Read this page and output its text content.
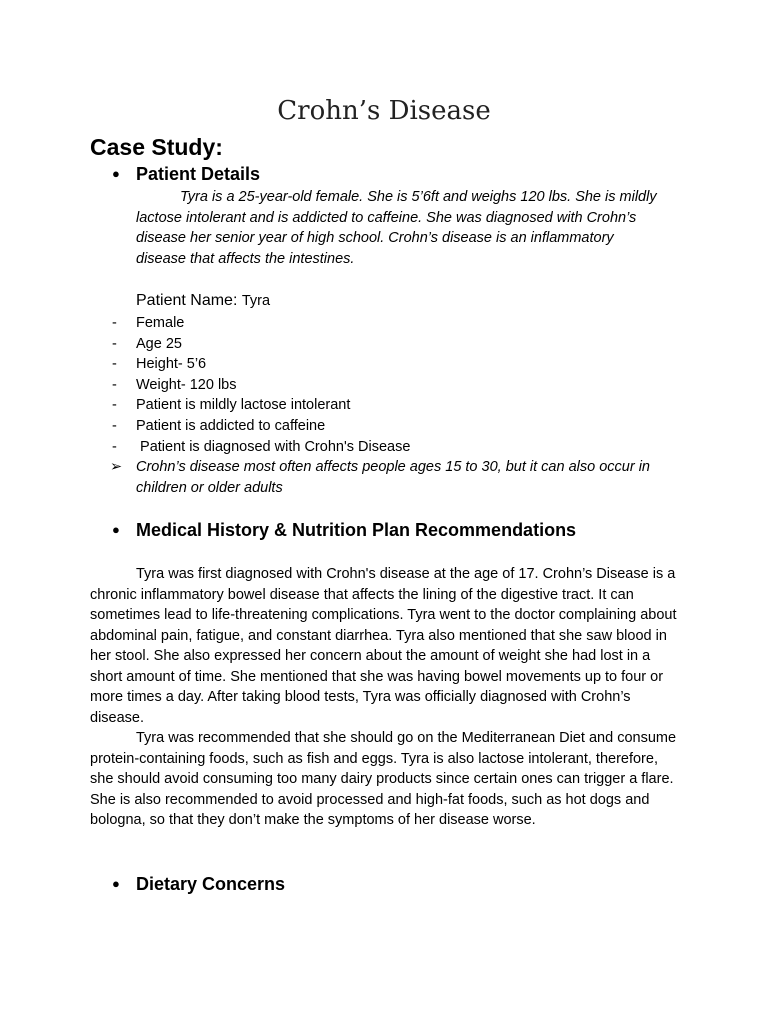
Crohn’s Disease
Case Study:
● Patient Details
Tyra is a 25-year-old female. She is 5’6ft and weighs 120 lbs. She is mildly lactose intolerant and is addicted to caffeine. She was diagnosed with Crohn’s disease her senior year of high school. Crohn’s disease is an inflammatory disease that affects the intestines.
Patient Name: Tyra
- Female
- Age 25
- Height- 5’6
- Weight- 120 lbs
- Patient is mildly lactose intolerant
- Patient is addicted to caffeine
- Patient is diagnosed with Crohn's Disease
➢ Crohn’s disease most often affects people ages 15 to 30, but it can also occur in children or older adults
● Medical History & Nutrition Plan Recommendations
Tyra was first diagnosed with Crohn's disease at the age of 17. Crohn’s Disease is a chronic inflammatory bowel disease that affects the lining of the digestive tract. It can sometimes lead to life-threatening complications. Tyra went to the doctor complaining about abdominal pain, fatigue, and constant diarrhea. Tyra also mentioned that she saw blood in her stool. She also expressed her concern about the amount of weight she had lost in a short amount of time. She mentioned that she was having bowel movements up to four or more times a day. After taking blood tests, Tyra was officially diagnosed with Crohn’s disease.
Tyra was recommended that she should go on the Mediterranean Diet and consume protein-containing foods, such as fish and eggs. Tyra is also lactose intolerant, therefore, she should avoid consuming too many dairy products since certain ones can trigger a flare. She is also recommended to avoid processed and high-fat foods, such as hot dogs and bologna, so that they don’t make the symptoms of her disease worse.
● Dietary Concerns
